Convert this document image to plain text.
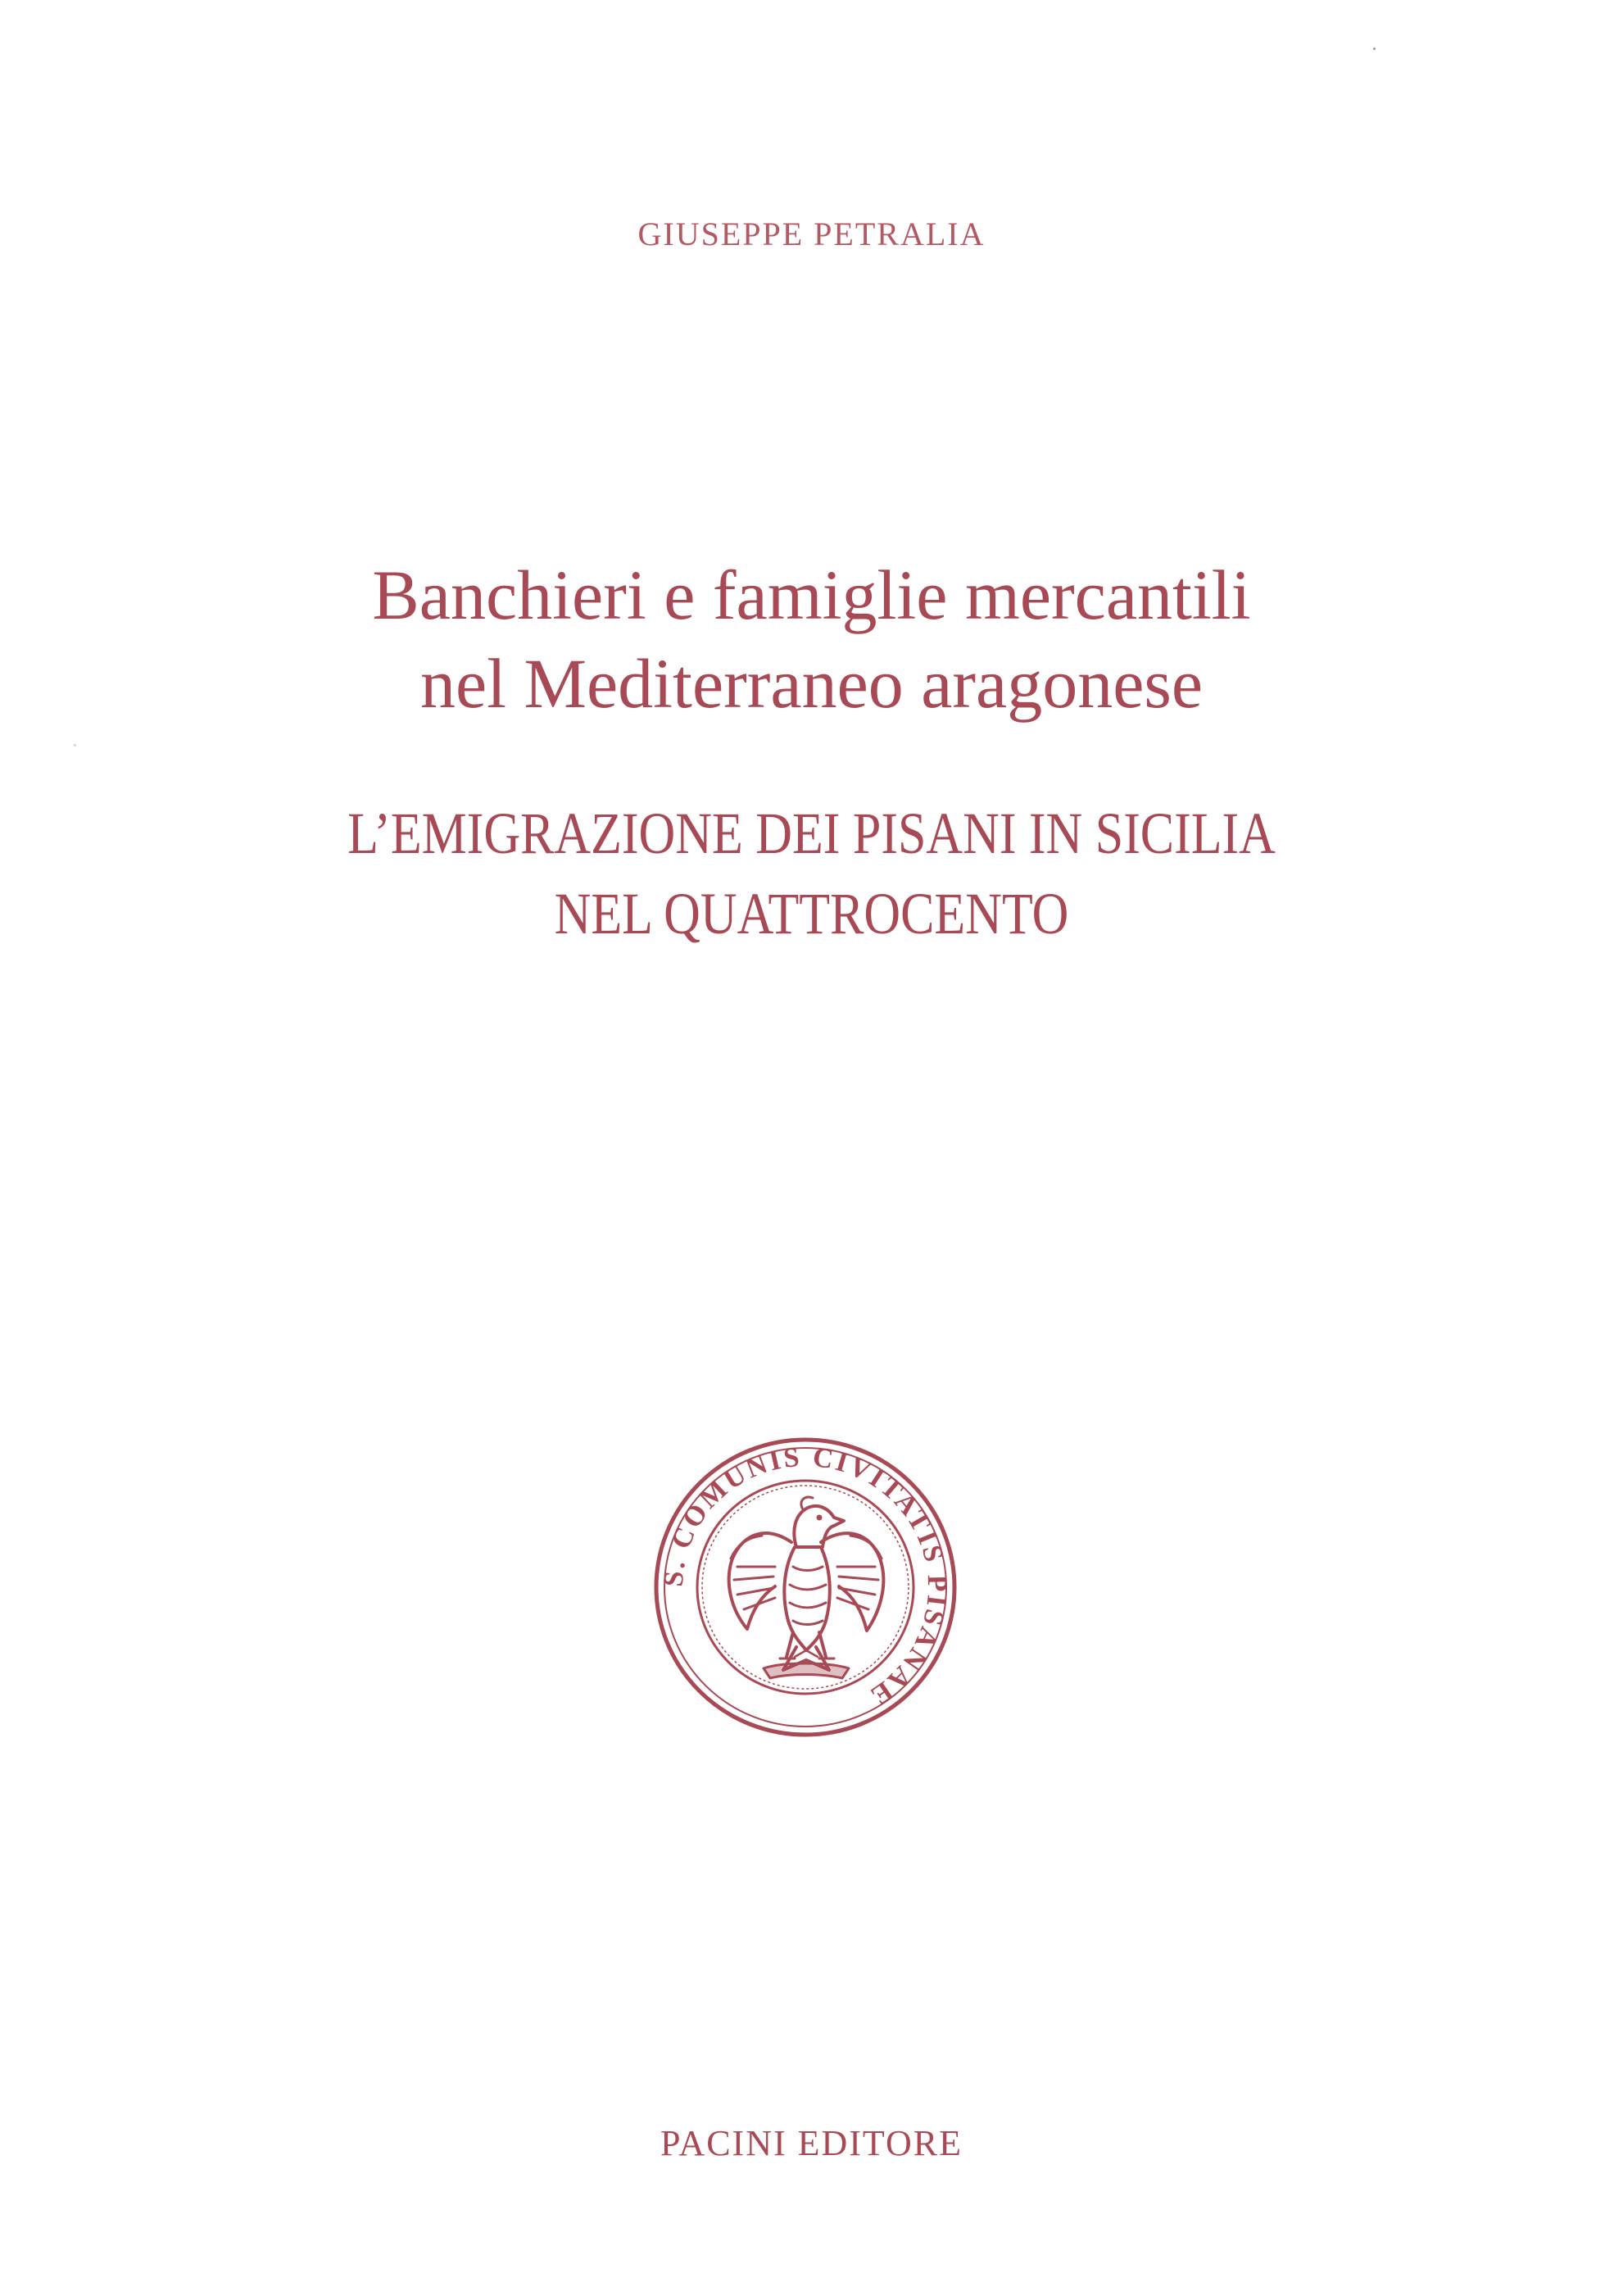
GIUSEPPE PETRALIA
Banchieri e famiglie mercantili
nel Mediterraneo aragonese
L’EMIGRAZIONE DEI PISANI IN SICILIA
NEL QUATTROCENTO
S. COMUNIS CIVITATIS PISANAE
PACINI EDITORE
